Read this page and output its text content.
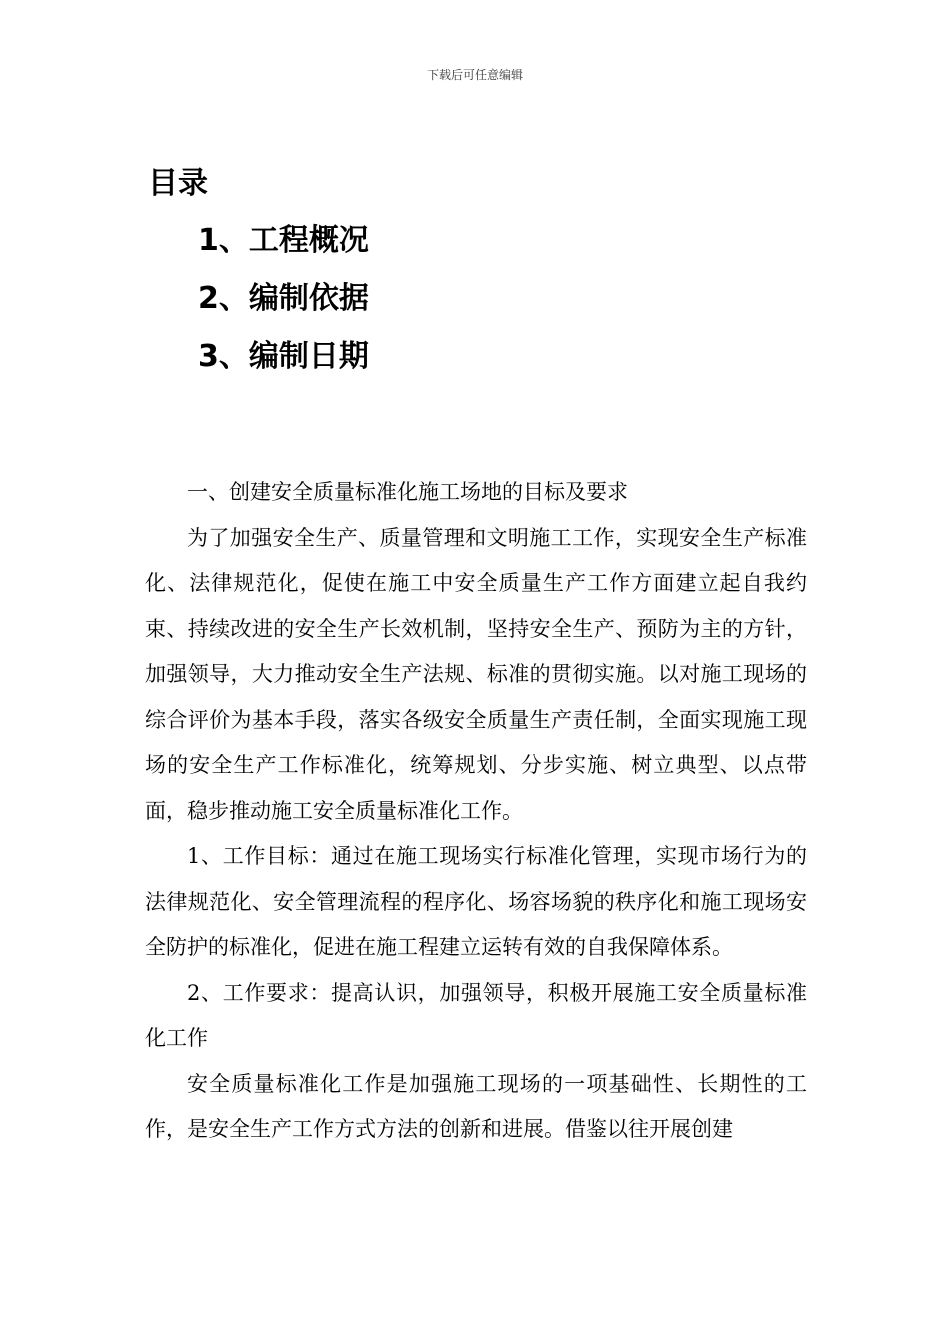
下载后可任意编辑
目录
1、工程概况
2、编制依据
3、编制日期

一、创建安全质量标准化施工场地的目标及要求

为了加强安全生产、质量管理和文明施工工作，实现安全生产标准化、法律规范化，促使在施工中安全质量生产工作方面建立起自我约束、持续改进的安全生产长效机制，坚持安全生产、预防为主的方针，加强领导，大力推动安全生产法规、标准的贯彻实施。以对施工现场的综合评价为基本手段，落实各级安全质量生产责任制，全面实现施工现场的安全生产工作标准化，统筹规划、分步实施、树立典型、以点带面，稳步推动施工安全质量标准化工作。

1、工作目标：通过在施工现场实行标准化管理，实现市场行为的法律规范化、安全管理流程的程序化、场容场貌的秩序化和施工现场安全防护的标准化，促进在施工程建立运转有效的自我保障体系。

2、工作要求：提高认识，加强领导，积极开展施工安全质量标准化工作

安全质量标准化工作是加强施工现场的一项基础性、长期性的工作，是安全生产工作方式方法的创新和进展。借鉴以往开展创建
